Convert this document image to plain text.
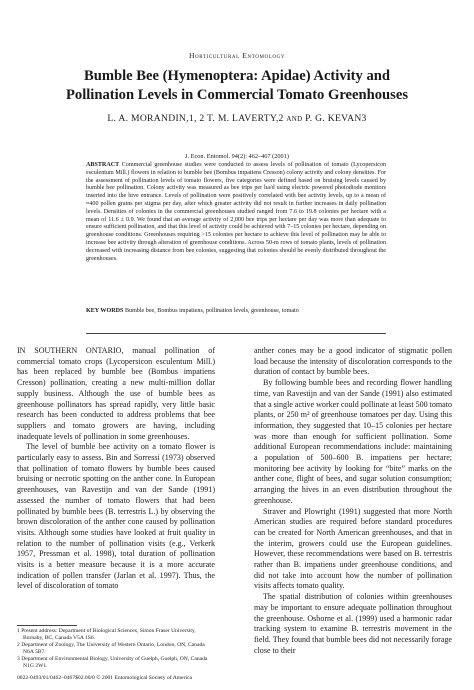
Horticultural Entomology
Bumble Bee (Hymenoptera: Apidae) Activity and Pollination Levels in Commercial Tomato Greenhouses
L. A. MORANDIN,1, 2 T. M. LAVERTY,2 and P. G. KEVAN3
J. Econ. Entomol. 94(2): 462–467 (2001)
ABSTRACT Commercial greenhouse studies were conducted to assess levels of pollination of tomato (Lycopersicon esculentum Mill.) flowers in relation to bumble bee (Bombus impatiens Cresson) colony activity and colony densities. For the assessment of pollination levels of tomato flowers, five categories were defined based on bruising levels caused by bumble bee pollination. Colony activity was measured as bee trips per ha/d using electric powered photodiode monitors inserted into the hive entrance. Levels of pollination were positively correlated with bee activity levels, up to a mean of ≈400 pollen grains per stigma per day, after which greater activity did not result in further increases in daily pollination levels. Densities of colonies in the commercial greenhouses studied ranged from 7.6 to 19.8 colonies per hectare with a mean of 11.6 ± 0.9. We found that an average activity of 2,000 bee trips per hectare per day was more than adequate to ensure sufficient pollination, and that this level of activity could be achieved with 7–15 colonies per hectare, depending on greenhouse conditions. Greenhouses requiring >15 colonies per hectare to achieve this level of pollination may be able to increase bee activity through alteration of greenhouse conditions. Across 50-m rows of tomato plants, levels of pollination decreased with increasing distance from bee colonies, suggesting that colonies should be evenly distributed throughout the greenhouses.
KEY WORDS Bumble bee, Bombus impatiens, pollination levels, greenhouse, tomato

IN SOUTHERN ONTARIO, manual pollination of commercial tomato crops (Lycopersicon esculentum Mill.) has been replaced by bumble bee (Bombus impatiens Cresson) pollination, creating a new multi-million dollar supply business. Although the use of bumble bees as greenhouse pollinators has spread rapidly, very little basic research has been conducted to address problems that bee suppliers and tomato growers are having, including inadequate levels of pollination in some greenhouses.

The level of bumble bee activity on a tomato flower is particularly easy to assess. Bin and Sorressi (1973) observed that pollination of tomato flowers by bumble bees caused bruising or necrotic spotting on the anther cone. In European greenhouses, van Ravestijn and van der Sande (1991) assessed the number of tomato flowers that had been pollinated by bumble bees (B. terrestris L.) by observing the brown discoloration of the anther cone caused by pollination visits. Although some studies have looked at fruit quality in relation to the number of pollination visits (e.g., Verkerk 1957, Pressman et al. 1998), total duration of pollination visits is a better measure because it is a more accurate indication of pollen transfer (Jarlan et al. 1997). Thus, the level of discoloration of tomato

anther cones may be a good indicator of stigmatic pollen load because the intensity of discoloration corresponds to the duration of contact by bumble bees.

By following bumble bees and recording flower handling time, van Ravestijn and van der Sande (1991) also estimated that a single active worker could pollinate at least 500 tomato plants, or 250 m² of greenhouse tomatoes per day. Using this information, they suggested that 10–15 colonies per hectare was more than enough for sufficient pollination. Some additional European recommendations include: maintaining a population of 500–600 B. impatiens per hectare; monitoring bee activity by looking for “bite” marks on the anther cone, flight of bees, and sugar solution consumption; arranging the hives in an even distribution throughout the greenhouse.

Straver and Plowright (1991) suggested that more North American studies are required before standard procedures can be created for North American greenhouses, and that in the interim, growers could use the European guidelines. However, these recommendations were based on B. terrestris rather than B. impatiens under greenhouse conditions, and did not take into account how the number of pollination visits affects tomato quality.

The spatial distribution of colonies within greenhouses may be important to ensure adequate pollination throughout the greenhouse. Osborne et al. (1999) used a harmonic radar tracking system to examine B. terrestris movement in the field. They found that bumble bees did not necessarily forage close to their

1 Present address: Department of Biological Sciences, Simon Fraser University, Burnaby, BC, Canada V5A 1S6.

2 Department of Zoology, The University of Western Ontario, London, ON, Canada N6A 5B7.

3 Department of Environmental Biology, University of Guelph, Guelph, ON, Canada N1G 2W1.

0022-0493/01/0462–0467$02.00/0 © 2001 Entomological Society of America
